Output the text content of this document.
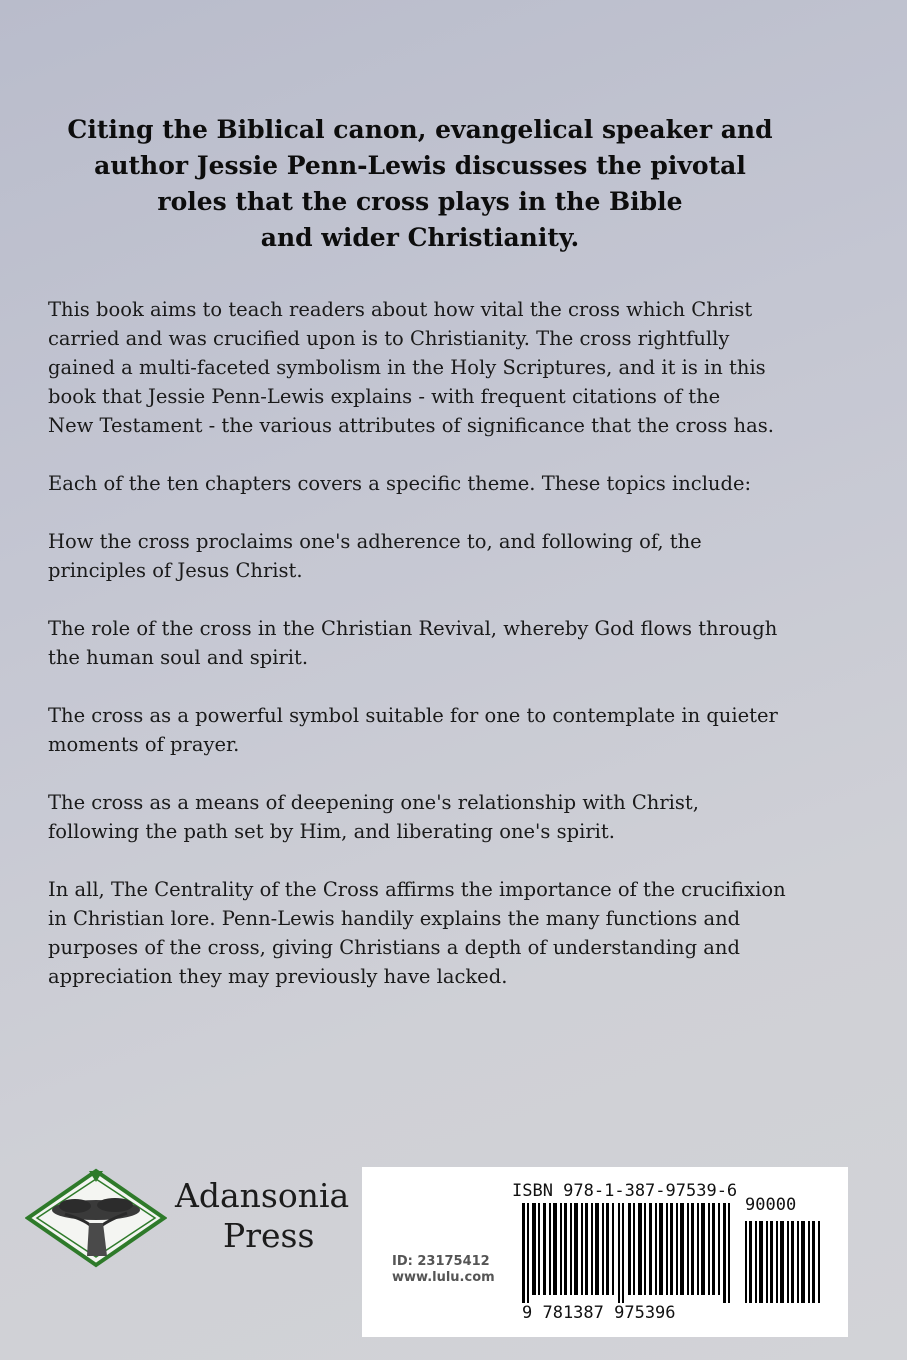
Citing the Biblical canon, evangelical speaker and
author Jessie Penn-Lewis discusses the pivotal
roles that the cross plays in the Bible
and wider Christianity.
This book aims to teach readers about how vital the cross which Christ
carried and was crucified upon is to Christianity. The cross rightfully
gained a multi-faceted symbolism in the Holy Scriptures, and it is in this
book that Jessie Penn-Lewis explains - with frequent citations of the
New Testament - the various attributes of significance that the cross has.
Each of the ten chapters covers a specific theme. These topics include:
How the cross proclaims one's adherence to, and following of, the
principles of Jesus Christ.
The role of the cross in the Christian Revival, whereby God flows through
the human soul and spirit.
The cross as a powerful symbol suitable for one to contemplate in quieter
moments of prayer.
The cross as a means of deepening one's relationship with Christ,
following the path set by Him, and liberating one's spirit.
In all, The Centrality of the Cross affirms the importance of the crucifixion
in Christian lore. Penn-Lewis handily explains the many functions and
purposes of the cross, giving Christians a depth of understanding and
appreciation they may previously have lacked.
Adansonia
Press
ISBN 978-1-387-97539-6
90000
ID: 23175412
www.lulu.com
9 781387 975396
